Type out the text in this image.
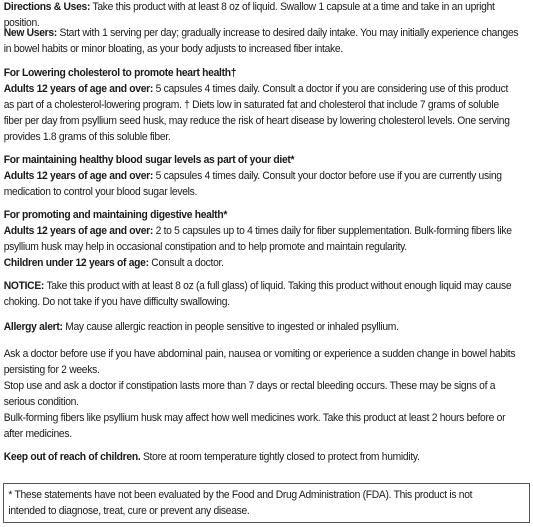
Directions & Uses: Take this product with at least 8 oz of liquid. Swallow 1 capsule at a time and take in an upright position.

New Users: Start with 1 serving per day; gradually increase to desired daily intake. You may initially experience changes

in bowel habits or minor bloating, as your body adjusts to increased fiber intake.

For Lowering cholesterol to promote heart health†

Adults 12 years of age and over: 5 capsules 4 times daily. Consult a doctor if you are considering use of this product

as part of a cholesterol-lowering program. † Diets low in saturated fat and cholesterol that include 7 grams of soluble

fiber per day from psyllium seed husk, may reduce the risk of heart disease by lowering cholesterol levels. One serving

provides 1.8 grams of this soluble fiber.

For maintaining healthy blood sugar levels as part of your diet*

Adults 12 years of age and over: 5 capsules 4 times daily. Consult your doctor before use if you are currently using

medication to control your blood sugar levels.

For promoting and maintaining digestive health*

Adults 12 years of age and over: 2 to 5 capsules up to 4 times daily for fiber supplementation. Bulk-forming fibers like

psyllium husk may help in occasional constipation and to help promote and maintain regularity.

Children under 12 years of age: Consult a doctor.

NOTICE: Take this product with at least 8 oz (a full glass) of liquid. Taking this product without enough liquid may cause

choking. Do not take if you have difficulty swallowing.

Allergy alert: May cause allergic reaction in people sensitive to ingested or inhaled psyllium.

Ask a doctor before use if you have abdominal pain, nausea or vomiting or experience a sudden change in bowel habits

persisting for 2 weeks.

Stop use and ask a doctor if constipation lasts more than 7 days or rectal bleeding occurs. These may be signs of a

serious condition.

Bulk-forming fibers like psyllium husk may affect how well medicines work. Take this product at least 2 hours before or

after medicines.

Keep out of reach of children. Store at room temperature tightly closed to protect from humidity.

* These statements have not been evaluated by the Food and Drug Administration (FDA). This product is not

intended to diagnose, treat, cure or prevent any disease.
